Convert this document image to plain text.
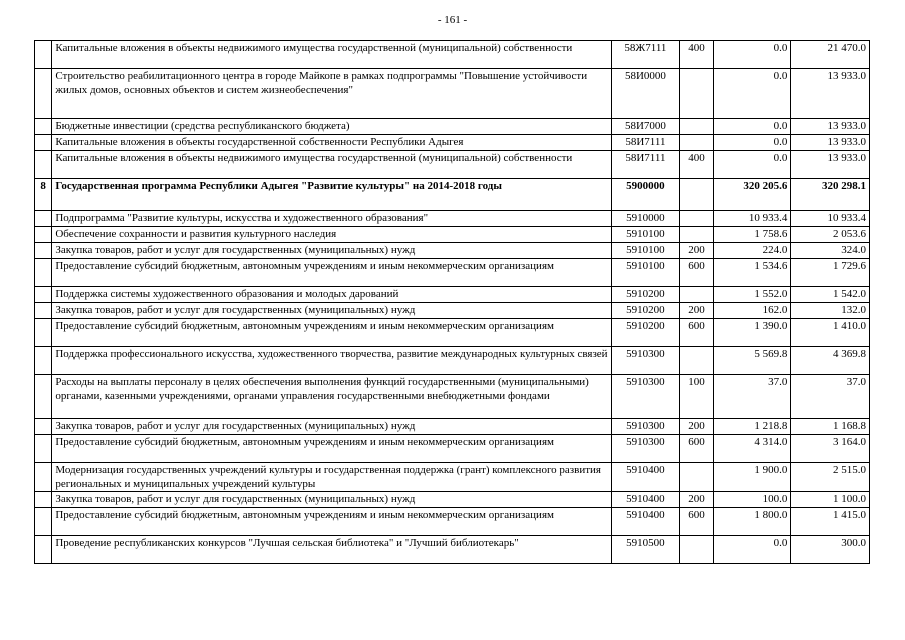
- 161 -
	Капитальные вложения в объекты недвижимого имущества государственной (муниципальной) собственности	58Ж7111	400	0.0	21 470.0
	Строительство реабилитационного центра в городе Майкопе в рамках подпрограммы "Повышение устойчивости жилых домов, основных объектов и систем жизнеобеспечения"	58И0000		0.0	13 933.0
	Бюджетные инвестиции (средства республиканского бюджета)	58И7000		0.0	13 933.0
	Капитальные вложения в объекты государственной собственности Республики Адыгея	58И7111		0.0	13 933.0
	Капитальные вложения в объекты недвижимого имущества государственной (муниципальной) собственности	58И7111	400	0.0	13 933.0
8	Государственная программа Республики Адыгея "Развитие культуры" на 2014-2018 годы	5900000		320 205.6	320 298.1
	Подпрограмма "Развитие культуры, искусства и художественного образования"	5910000		10 933.4	10 933.4
	Обеспечение сохранности и развития культурного наследия	5910100		1 758.6	2 053.6
	Закупка товаров, работ и услуг для государственных (муниципальных) нужд	5910100	200	224.0	324.0
	Предоставление субсидий бюджетным, автономным учреждениям и иным некоммерческим организациям	5910100	600	1 534.6	1 729.6
	Поддержка системы художественного образования и молодых дарований	5910200		1 552.0	1 542.0
	Закупка товаров, работ и услуг для государственных (муниципальных) нужд	5910200	200	162.0	132.0
	Предоставление субсидий бюджетным, автономным учреждениям и иным некоммерческим организациям	5910200	600	1 390.0	1 410.0
	Поддержка профессионального искусства, художественного творчества, развитие международных культурных связей	5910300		5 569.8	4 369.8
	Расходы на выплаты персоналу в целях обеспечения выполнения функций государственными (муниципальными) органами, казенными учреждениями, органами управления государственными внебюджетными фондами	5910300	100	37.0	37.0
	Закупка товаров, работ и услуг для государственных (муниципальных) нужд	5910300	200	1 218.8	1 168.8
	Предоставление субсидий бюджетным, автономным учреждениям и иным некоммерческим организациям	5910300	600	4 314.0	3 164.0
	Модернизация государственных учреждений культуры и государственная поддержка (грант) комплексного развития региональных и муниципальных учреждений культуры	5910400		1 900.0	2 515.0
	Закупка товаров, работ и услуг для государственных (муниципальных) нужд	5910400	200	100.0	1 100.0
	Предоставление субсидий бюджетным, автономным учреждениям и иным некоммерческим организациям	5910400	600	1 800.0	1 415.0
	Проведение республиканских конкурсов "Лучшая сельская библиотека" и "Лучший библиотекарь"	5910500		0.0	300.0
